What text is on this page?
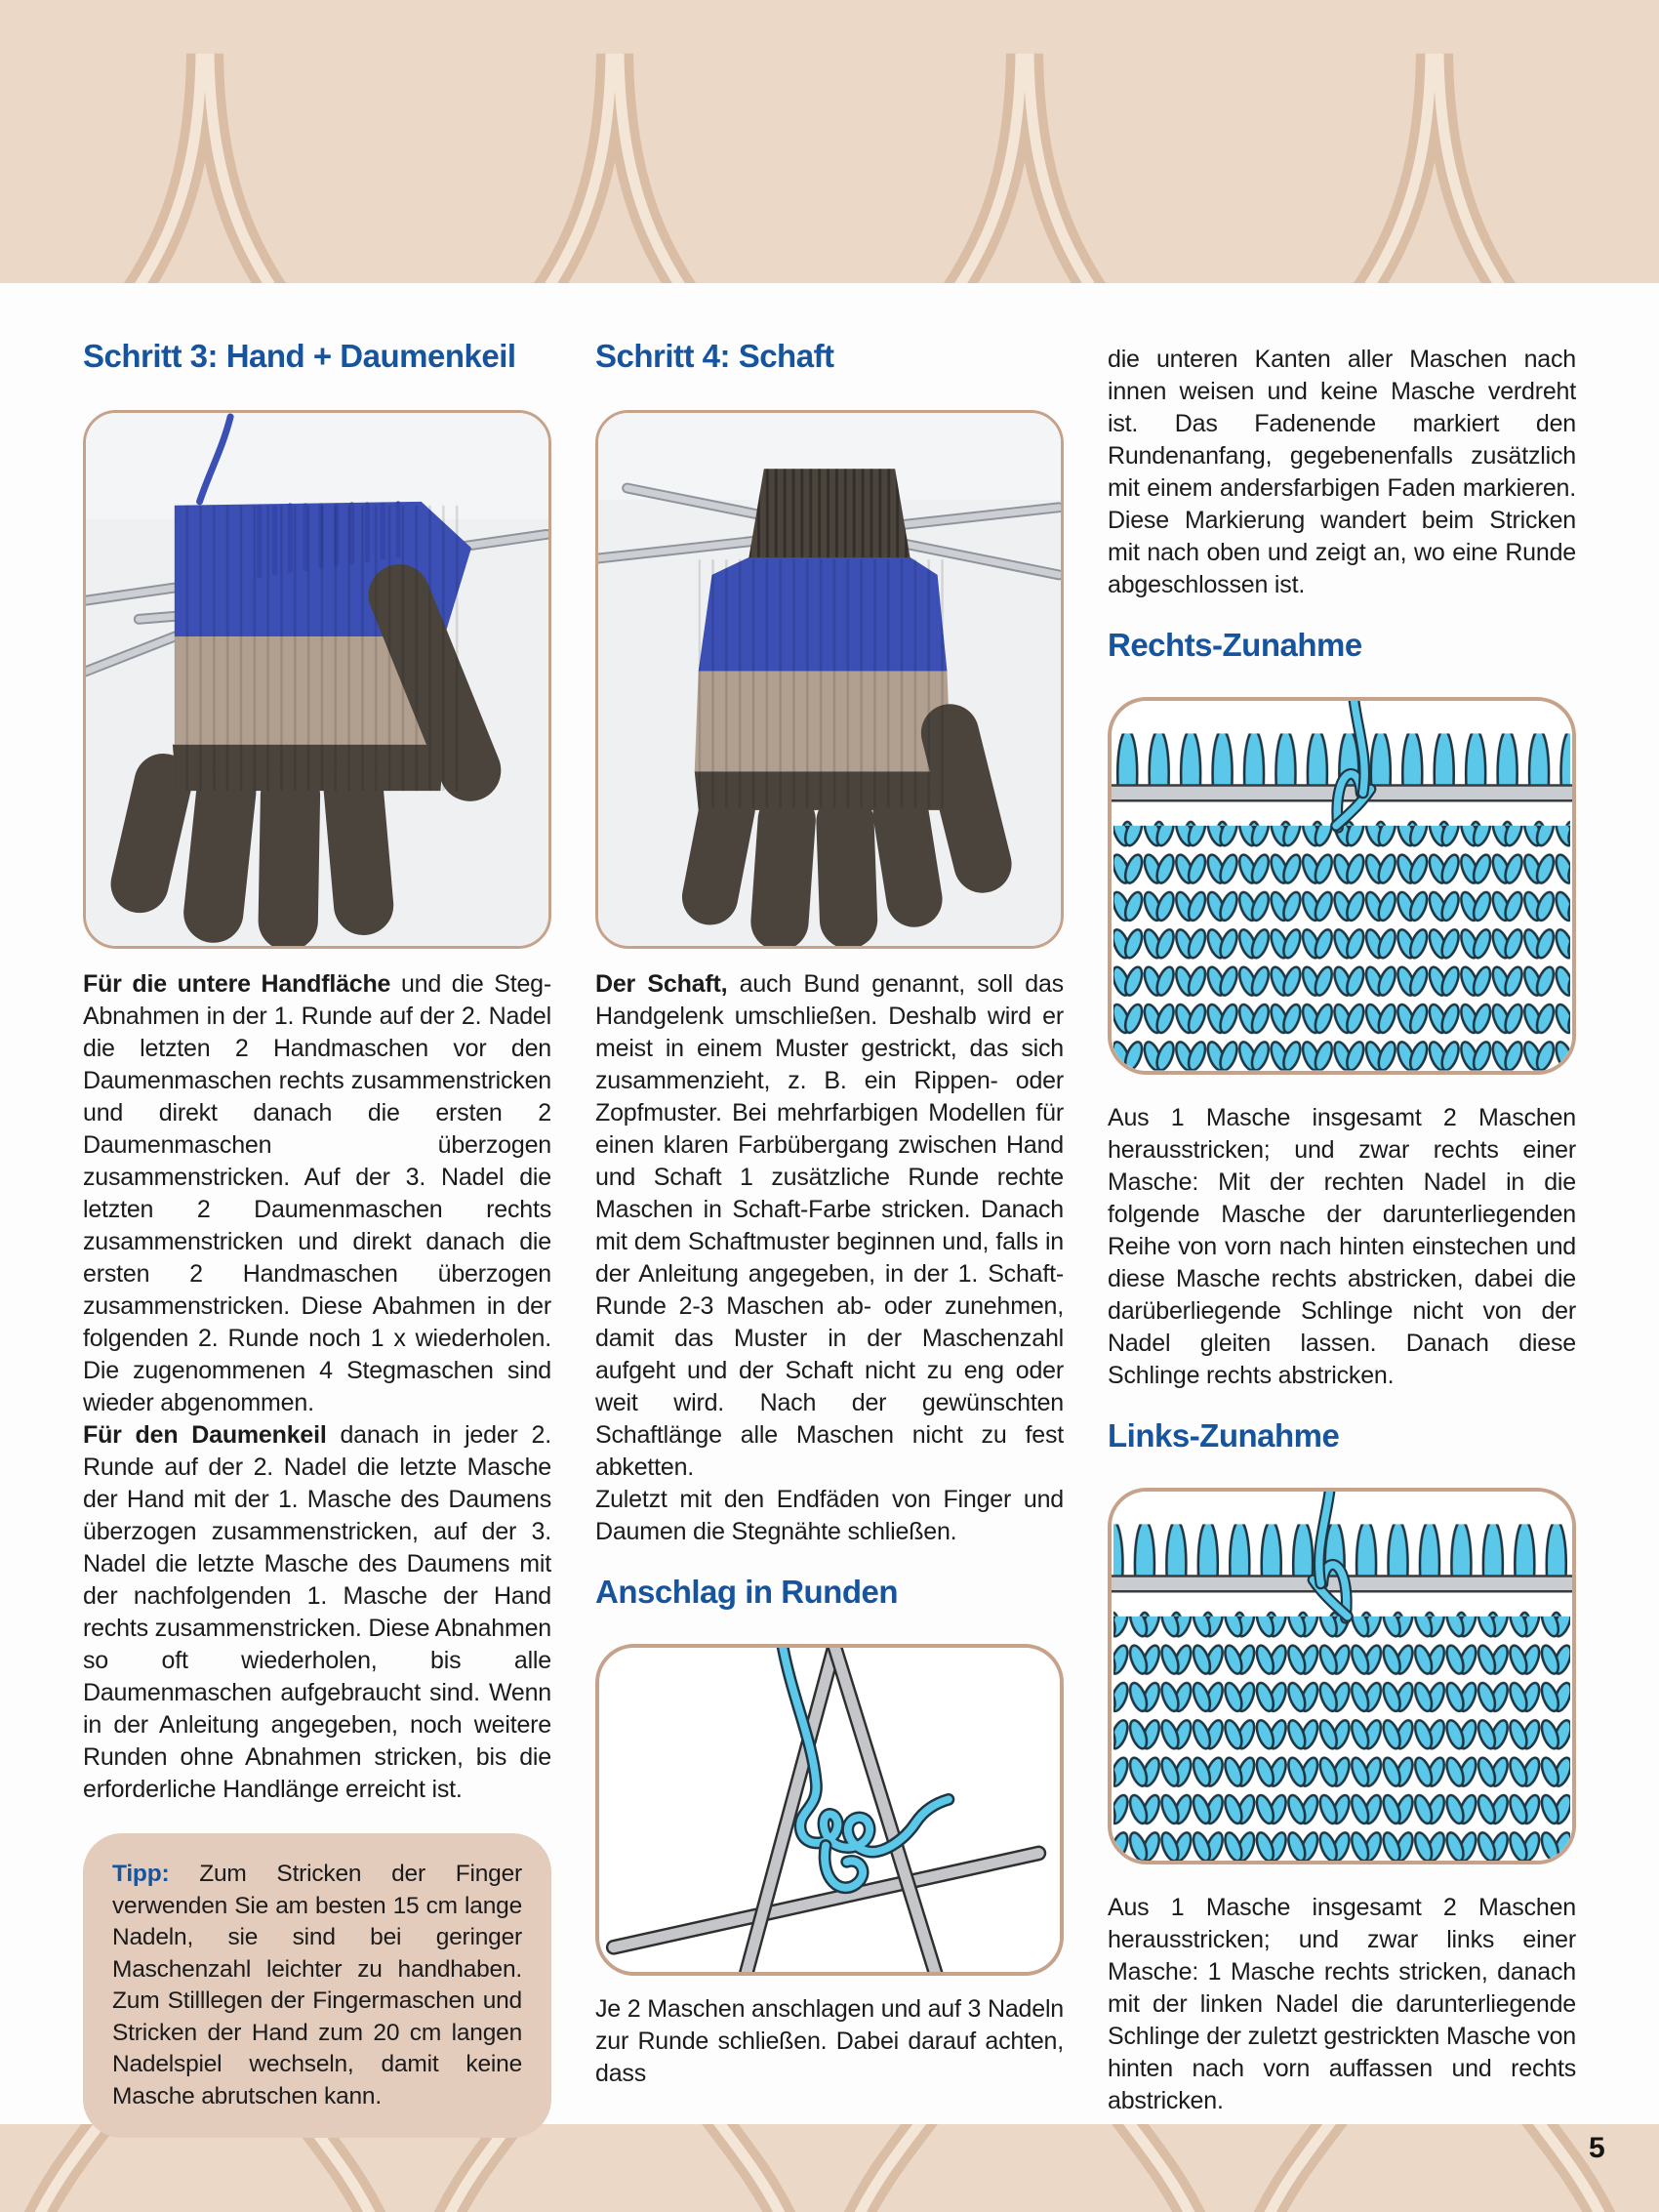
Schritt 3: Hand + Daumenkeil

Für die untere Handfläche und die Steg-Abnahmen in der 1. Runde auf der 2. Nadel die letzten 2 Handmaschen vor den Daumenmaschen rechts zusammenstricken und direkt danach die ersten 2 Daumenmaschen überzogen zusammenstricken. Auf der 3. Nadel die letzten 2 Daumenmaschen rechts zusammenstricken und direkt danach die ersten 2 Handmaschen überzogen zusammenstricken. Diese Abahmen in der folgenden 2. Runde noch 1 x wiederholen. Die zugenommenen 4 Stegmaschen sind wieder abgenommen.

Für den Daumenkeil danach in jeder 2. Runde auf der 2. Nadel die letzte Masche der Hand mit der 1. Masche des Daumens überzogen zusammenstricken, auf der 3. Nadel die letzte Masche des Daumens mit der nachfolgenden 1. Masche der Hand rechts zusammenstricken. Diese Abnahmen so oft wiederholen, bis alle Daumenmaschen aufgebraucht sind. Wenn in der Anleitung angegeben, noch weitere Runden ohne Abnahmen stricken, bis die erforderliche Handlänge erreicht ist.

Tipp: Zum Stricken der Finger verwenden Sie am besten 15 cm lange Nadeln, sie sind bei geringer Maschenzahl leichter zu handhaben. Zum Stilllegen der Fingermaschen und Stricken der Hand zum 20 cm langen Nadelspiel wechseln, damit keine Masche abrutschen kann.
Schritt 4: Schaft

Der Schaft, auch Bund genannt, soll das Handgelenk umschließen. Deshalb wird er meist in einem Muster gestrickt, das sich zusammenzieht, z. B. ein Rippen- oder Zopfmuster. Bei mehrfarbigen Modellen für einen klaren Farbübergang zwischen Hand und Schaft 1 zusätzliche Runde rechte Maschen in Schaft-Farbe stricken. Danach mit dem Schaftmuster beginnen und, falls in der Anleitung angegeben, in der 1. Schaft-Runde 2-3 Maschen ab- oder zunehmen, damit das Muster in der Maschenzahl aufgeht und der Schaft nicht zu eng oder weit wird. Nach der gewünschten Schaftlänge alle Maschen nicht zu fest abketten.

Zuletzt mit den Endfäden von Finger und Daumen die Stegnähte schließen.

Anschlag in Runden
Je 2 Maschen anschlagen und auf 3 Nadeln zur Runde schließen. Dabei darauf achten, dass

die unteren Kanten aller Maschen nach innen weisen und keine Masche verdreht ist. Das Fadenende markiert den Rundenanfang, gegebenenfalls zusätzlich mit einem andersfarbigen Faden markieren. Diese Markierung wandert beim Stricken mit nach oben und zeigt an, wo eine Runde abgeschlossen ist.

Rechts-Zunahme

Aus 1 Masche insgesamt 2 Maschen herausstricken; und zwar rechts einer Masche: Mit der rechten Nadel in die folgende Masche der darunterliegenden Reihe von vorn nach hinten einstechen und diese Masche rechts abstricken, dabei die darüberliegende Schlinge nicht von der Nadel gleiten lassen. Danach diese Schlinge rechts abstricken.

Links-Zunahme

Aus 1 Masche insgesamt 2 Maschen herausstricken; und zwar links einer Masche: 1 Masche rechts stricken, danach mit der linken Nadel die darunterliegende Schlinge der zuletzt gestrickten Masche von hinten nach vorn auffassen und rechts abstricken.

5
